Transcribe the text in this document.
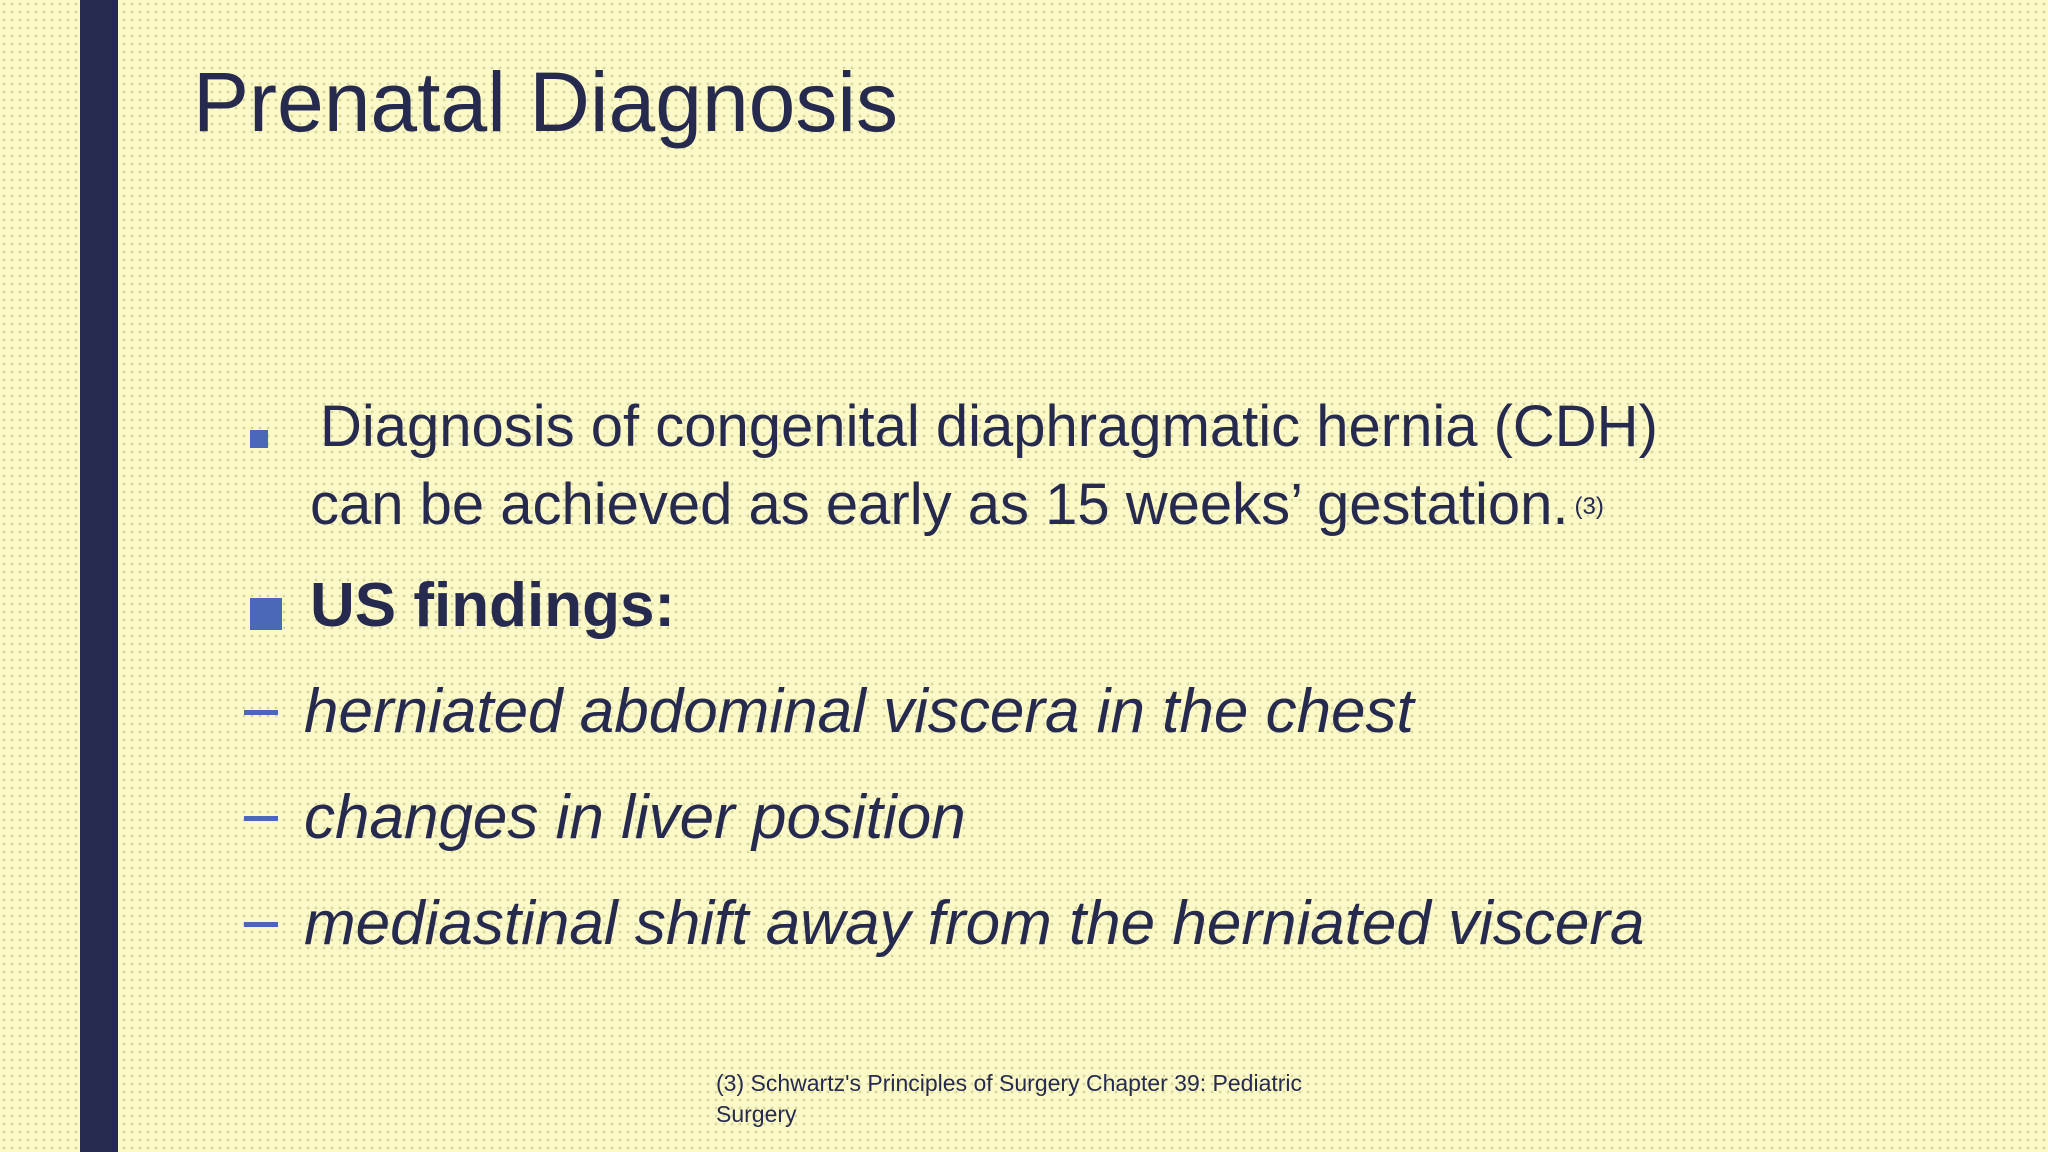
Prenatal Diagnosis

Diagnosis of congenital diaphragmatic hernia (CDH)
can be achieved as early as 15 weeks’ gestation. (3)

US findings:
herniated abdominal viscera in the chest
changes in liver position
mediastinal shift away from the herniated viscera
(3) Schwartz's Principles of Surgery Chapter 39: Pediatric Surgery
